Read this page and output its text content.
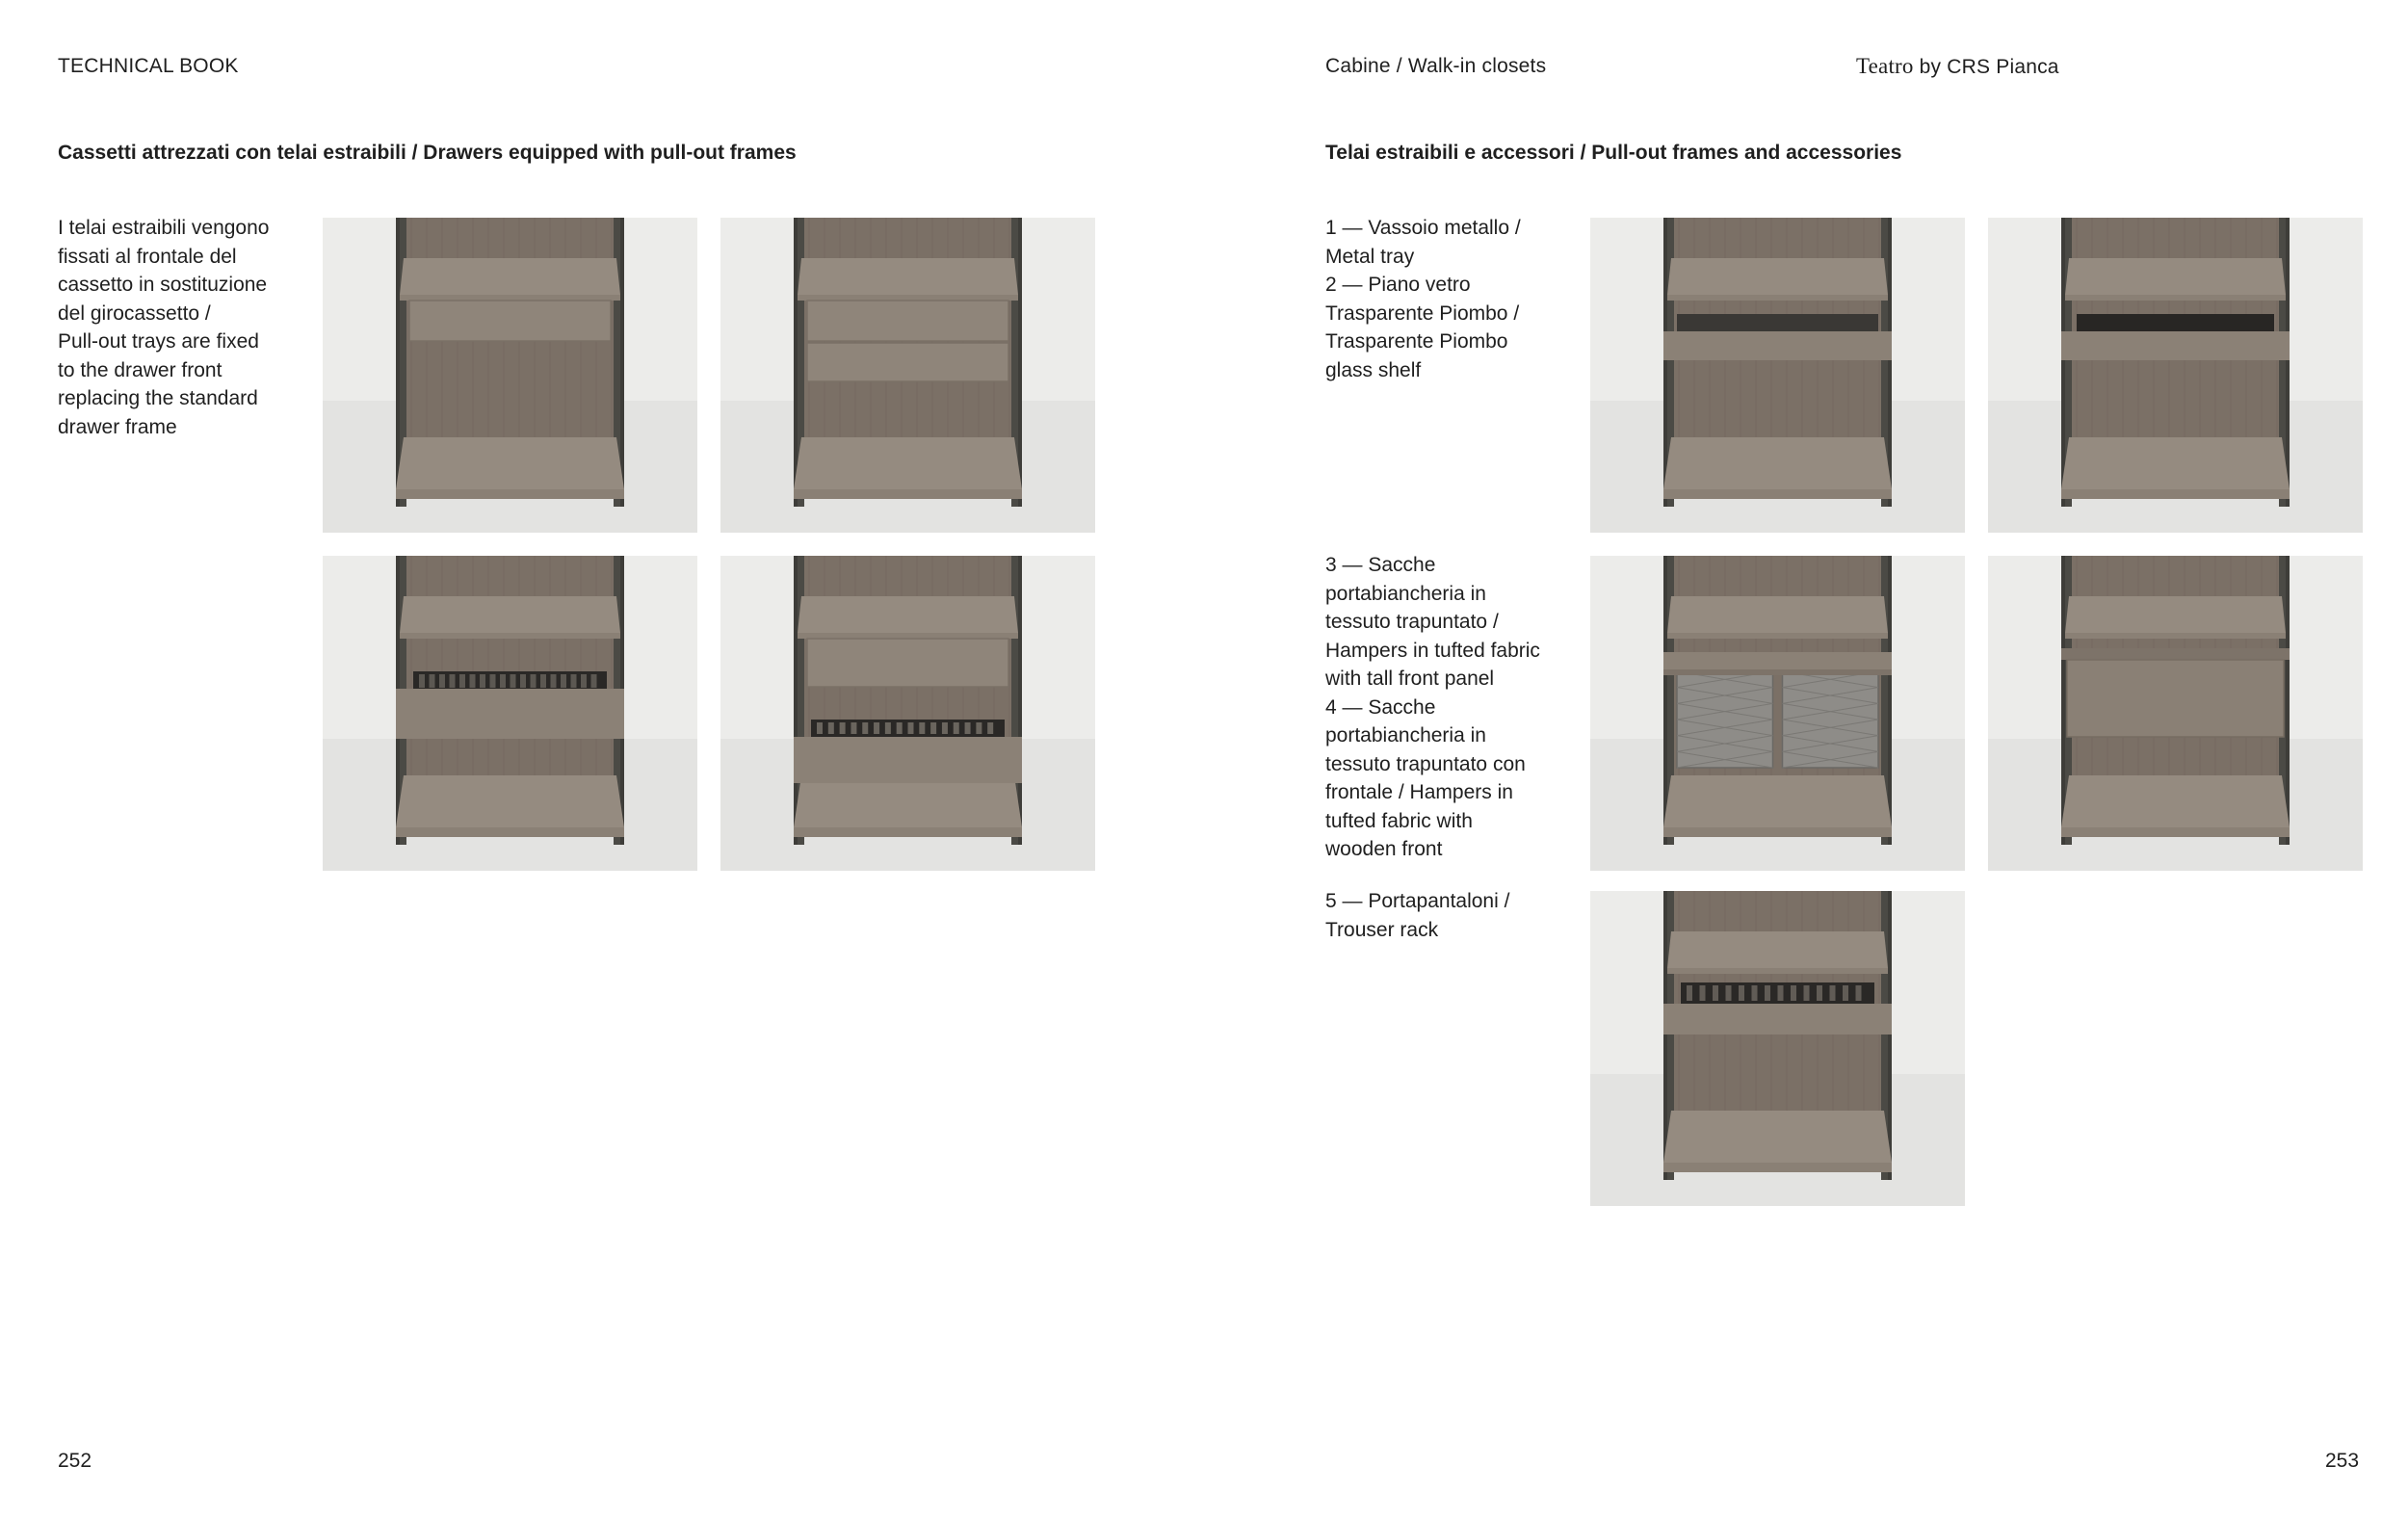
TECHNICAL BOOK
Cassetti attrezzati con telai estraibili / Drawers equipped with pull-out frames
I telai estraibili vengono
fissati al frontale del
cassetto in sostituzione
del girocassetto /
Pull-out trays are fixed
to the drawer front
replacing the standard
drawer frame
252
Cabine / Walk-in closets	Teatro by CRS Pianca
Telai estraibili e accessori / Pull-out frames and accessories
1 — Vassoio metallo /
Metal tray
2 — Piano vetro
Trasparente Piombo /
Trasparente Piombo
glass shelf
3 — Sacche
portabiancheria in
tessuto trapuntato /
Hampers in tufted fabric
with tall front panel
4 — Sacche
portabiancheria in
tessuto trapuntato con
frontale / Hampers in
tufted fabric with
wooden front
5 — Portapantaloni /
Trouser rack
253
